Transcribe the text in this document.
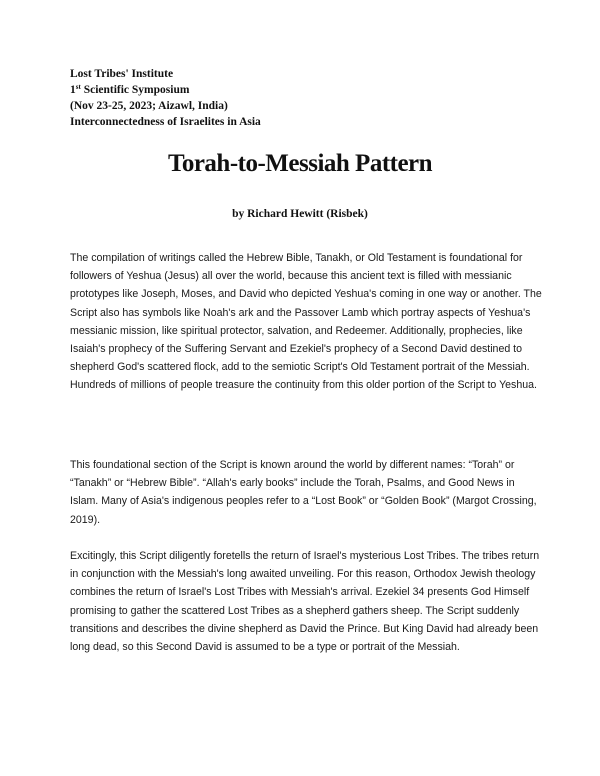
Lost Tribes' Institute
1st Scientific Symposium
(Nov 23-25, 2023; Aizawl, India)
Interconnectedness of Israelites in Asia
Torah-to-Messiah Pattern
by Richard Hewitt (Risbek)

The compilation of writings called the Hebrew Bible, Tanakh, or Old Testament is foundational for followers of Yeshua (Jesus) all over the world, because this ancient text is filled with messianic prototypes like Joseph, Moses, and David who depicted Yeshua's coming in one way or another. The Script also has symbols like Noah's ark and the Passover Lamb which portray aspects of Yeshua's messianic mission, like spiritual protector, salvation, and Redeemer. Additionally, prophecies, like Isaiah's prophecy of the Suffering Servant and Ezekiel's prophecy of a Second David destined to shepherd God's scattered flock, add to the semiotic Script's Old Testament portrait of the Messiah. Hundreds of millions of people treasure the continuity from this older portion of the Script to Yeshua.

This foundational section of the Script is known around the world by different names: “Torah” or “Tanakh” or “Hebrew Bible”. “Allah's early books” include the Torah, Psalms, and Good News in Islam. Many of Asia's indigenous peoples refer to a “Lost Book” or “Golden Book” (Margot Crossing, 2019).

Excitingly, this Script diligently foretells the return of Israel's mysterious Lost Tribes. The tribes return in conjunction with the Messiah's long awaited unveiling. For this reason, Orthodox Jewish theology combines the return of Israel's Lost Tribes with Messiah's arrival. Ezekiel 34 presents God Himself promising to gather the scattered Lost Tribes as a shepherd gathers sheep. The Script suddenly transitions and describes the divine shepherd as David the Prince. But King David had already been long dead, so this Second David is assumed to be a type or portrait of the Messiah.
